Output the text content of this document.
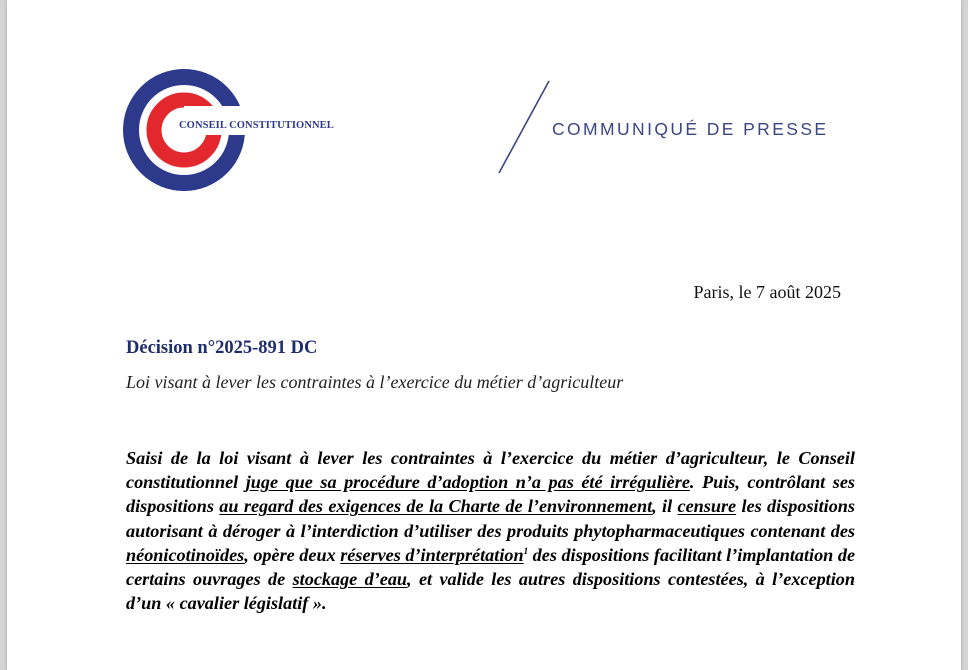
CONSEIL CONSTITUTIONNEL	COMMUNIQUÉ DE PRESSE
Paris, le 7 août 2025
Décision n°2025-891 DC
Loi visant à lever les contraintes à l’exercice du métier d’agriculteur
Saisi de la loi visant à lever les contraintes à l’exercice du métier d’agriculteur, le Conseil constitutionnel juge que sa procédure d’adoption n’a pas été irrégulière. Puis, contrôlant ses dispositions au regard des exigences de la Charte de l’environnement, il censure les dispositions autorisant à déroger à l’interdiction d’utiliser des produits phytopharmaceutiques contenant des néonicotinoïdes, opère deux réserves d’interprétation$^1$ des dispositions facilitant l’implantation de certains ouvrages de stockage d’eau, et valide les autres dispositions contestées, à l’exception d’un « cavalier législatif ».
